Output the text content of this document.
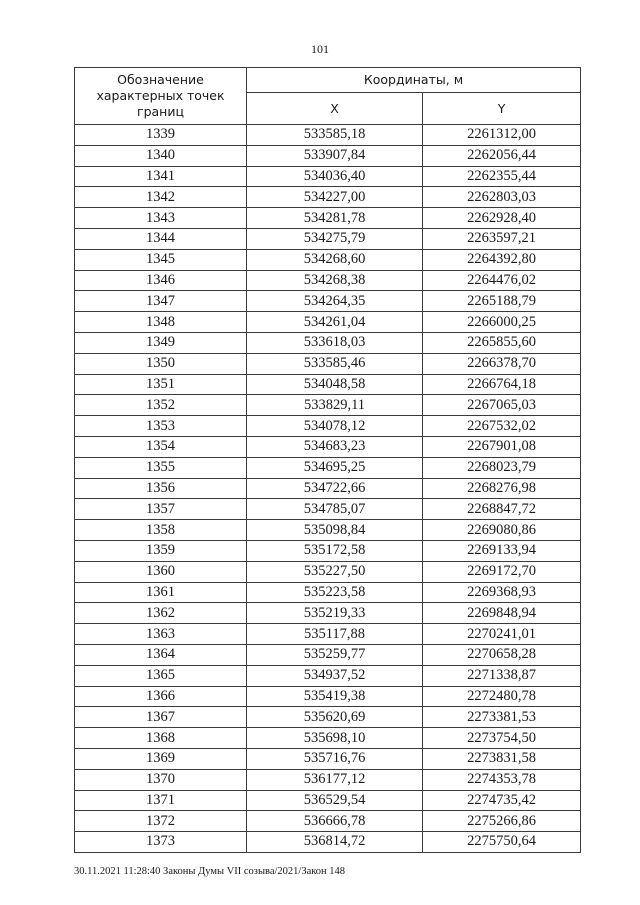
101
Обозначение характерных точек границ	Координаты, м	
	X	Y
1339	533585,18	2261312,00
1340	533907,84	2262056,44
1341	534036,40	2262355,44
1342	534227,00	2262803,03
1343	534281,78	2262928,40
1344	534275,79	2263597,21
1345	534268,60	2264392,80
1346	534268,38	2264476,02
1347	534264,35	2265188,79
1348	534261,04	2266000,25
1349	533618,03	2265855,60
1350	533585,46	2266378,70
1351	534048,58	2266764,18
1352	533829,11	2267065,03
1353	534078,12	2267532,02
1354	534683,23	2267901,08
1355	534695,25	2268023,79
1356	534722,66	2268276,98
1357	534785,07	2268847,72
1358	535098,84	2269080,86
1359	535172,58	2269133,94
1360	535227,50	2269172,70
1361	535223,58	2269368,93
1362	535219,33	2269848,94
1363	535117,88	2270241,01
1364	535259,77	2270658,28
1365	534937,52	2271338,87
1366	535419,38	2272480,78
1367	535620,69	2273381,53
1368	535698,10	2273754,50
1369	535716,76	2273831,58
1370	536177,12	2274353,78
1371	536529,54	2274735,42
1372	536666,78	2275266,86
1373	536814,72	2275750,64
30.11.2021 11:28:40 Законы Думы VII созыва/2021/Закон 148
